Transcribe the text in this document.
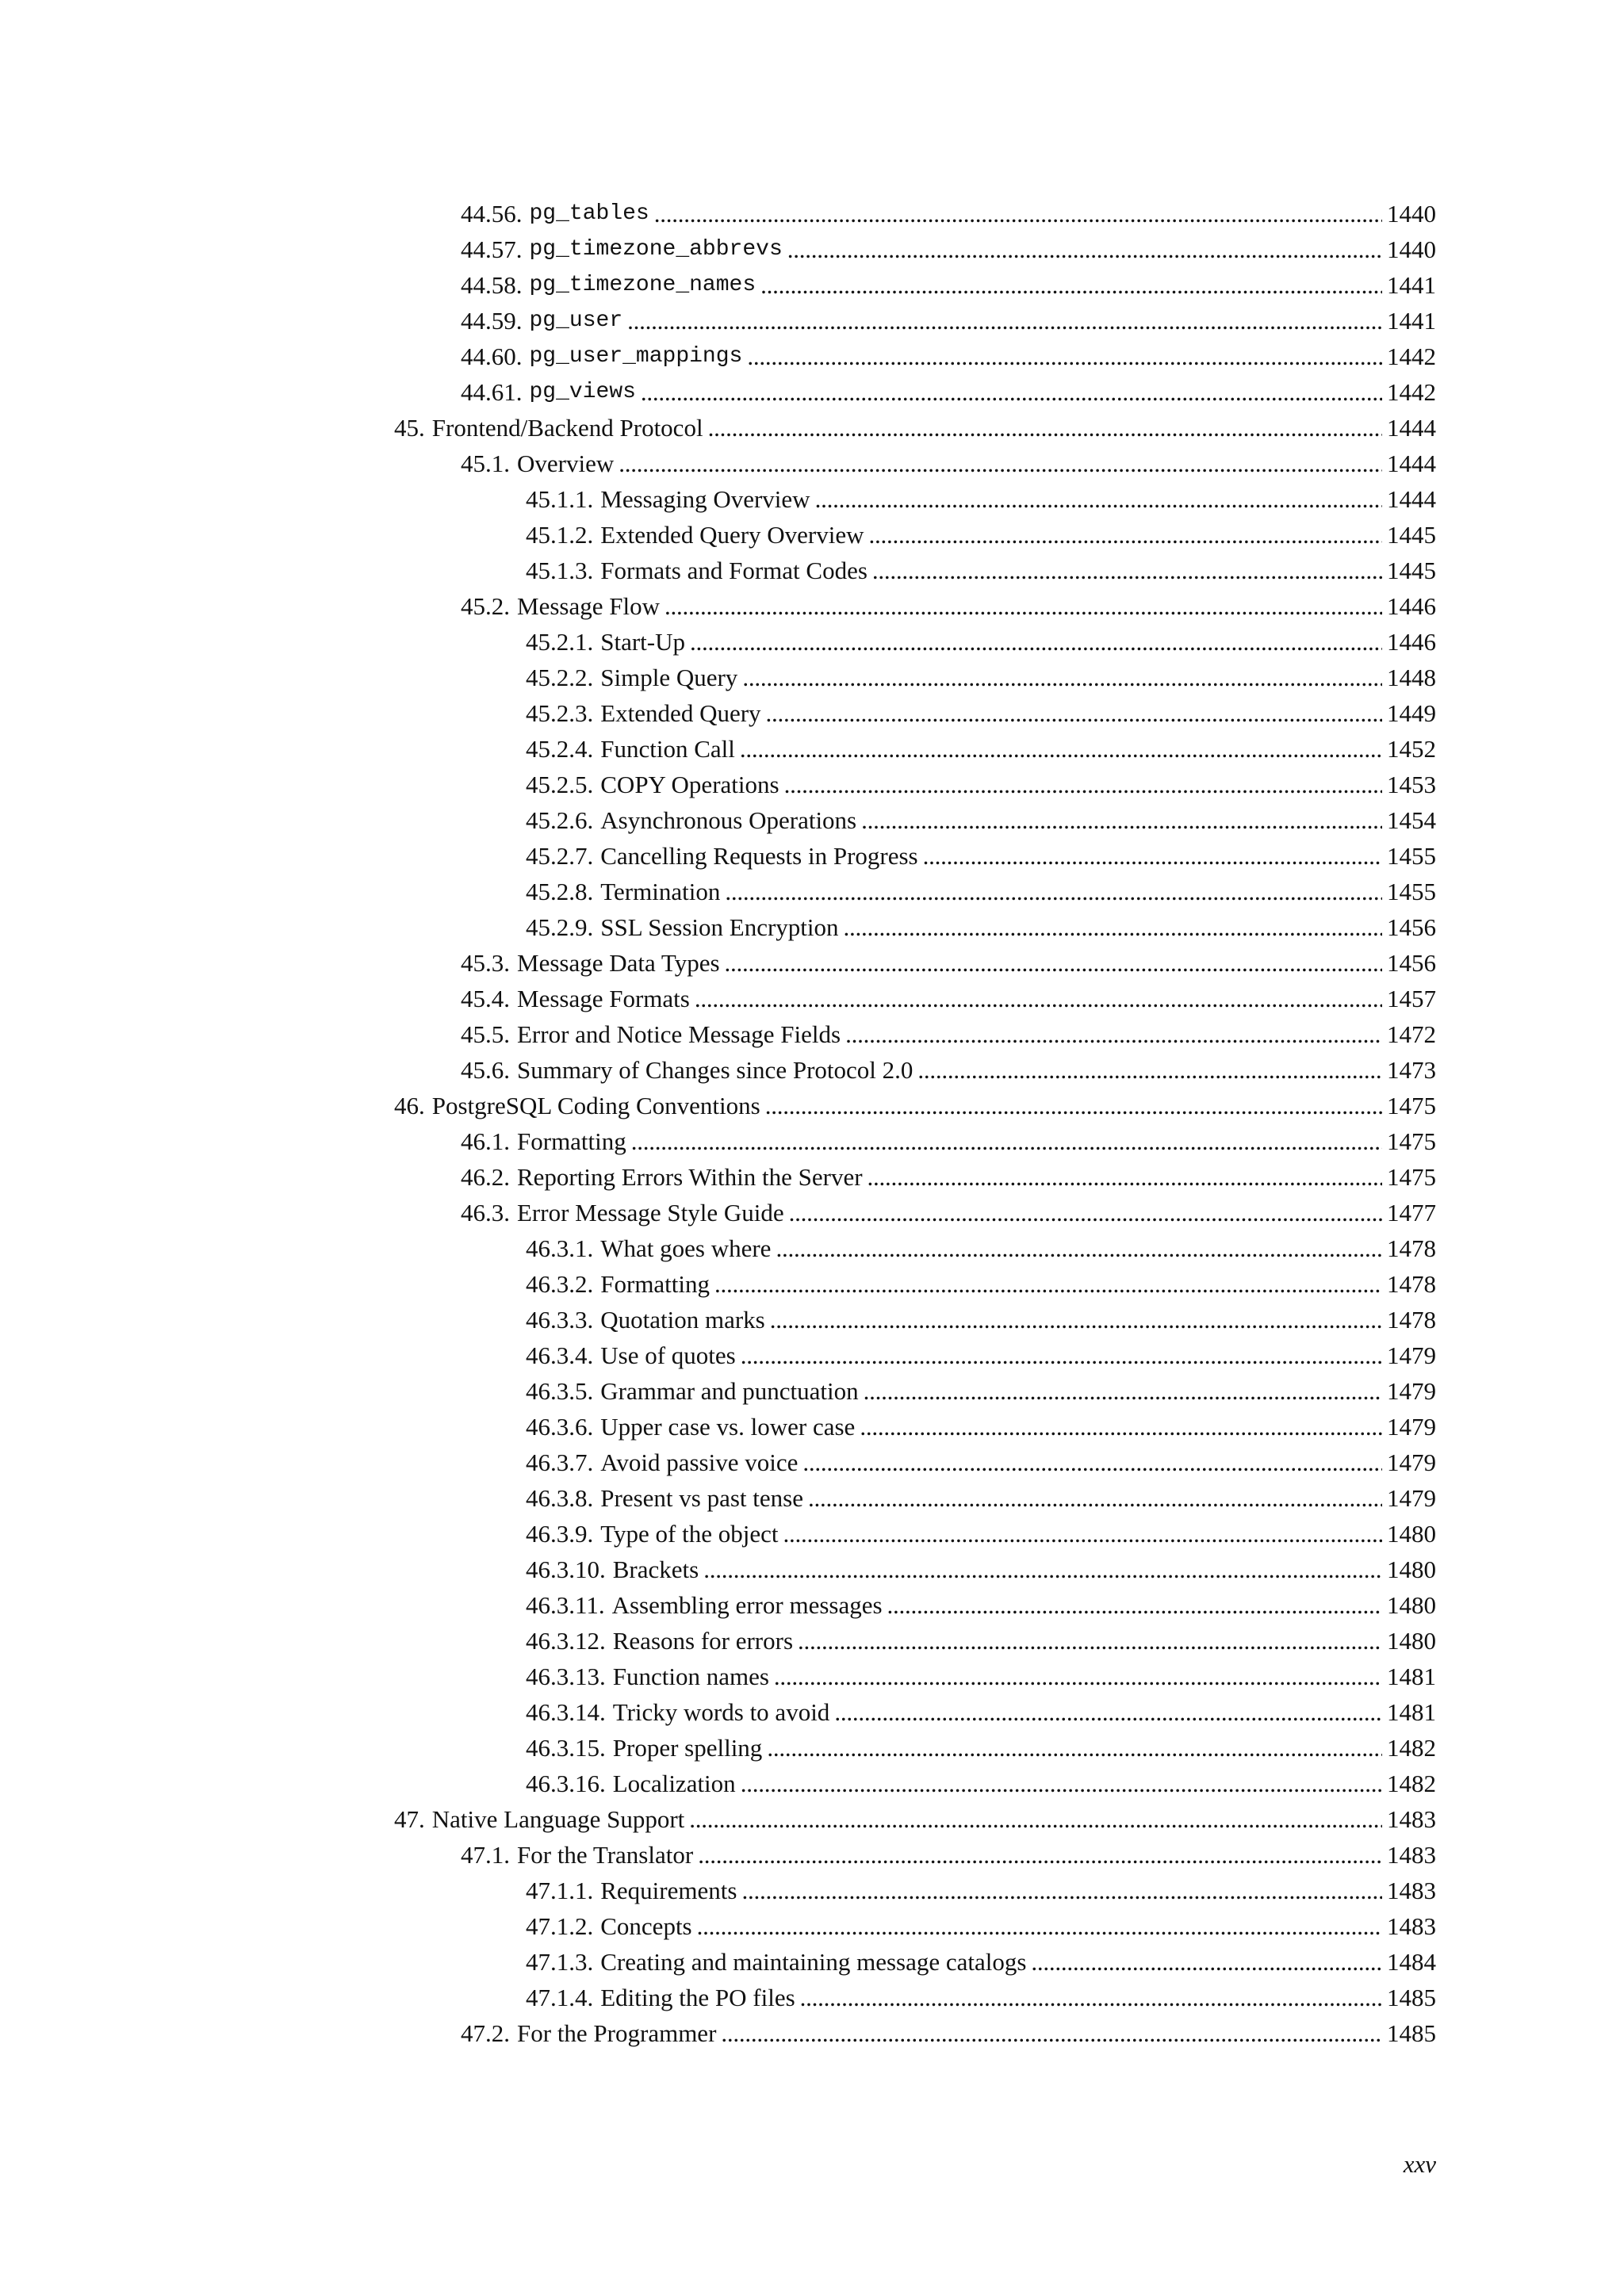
44.56. pg_tables . . .	1440
44.57. pg_timezone_abbrevs . . .	1440
44.58. pg_timezone_names . . .	1441
44.59. pg_user . . .	1441
44.60. pg_user_mappings . . .	1442
44.61. pg_views . . .	1442
45. Frontend/Backend Protocol . . .	1444
45.1. Overview . . .	1444
45.1.1. Messaging Overview . . .	1444
45.1.2. Extended Query Overview . . .	1445
45.1.3. Formats and Format Codes . . .	1445
45.2. Message Flow . . .	1446
45.2.1. Start-Up . . .	1446
45.2.2. Simple Query . . .	1448
45.2.3. Extended Query . . .	1449
45.2.4. Function Call . . .	1452
45.2.5. COPY Operations . . .	1453
45.2.6. Asynchronous Operations . . .	1454
45.2.7. Cancelling Requests in Progress . . .	1455
45.2.8. Termination . . .	1455
45.2.9. SSL Session Encryption . . .	1456
45.3. Message Data Types . . .	1456
45.4. Message Formats . . .	1457
45.5. Error and Notice Message Fields . . .	1472
45.6. Summary of Changes since Protocol 2.0 . . .	1473
46. PostgreSQL Coding Conventions . . .	1475
46.1. Formatting . . .	1475
46.2. Reporting Errors Within the Server . . .	1475
46.3. Error Message Style Guide . . .	1477
46.3.1. What goes where . . .	1478
46.3.2. Formatting . . .	1478
46.3.3. Quotation marks . . .	1478
46.3.4. Use of quotes . . .	1479
46.3.5. Grammar and punctuation . . .	1479
46.3.6. Upper case vs. lower case . . .	1479
46.3.7. Avoid passive voice . . .	1479
46.3.8. Present vs past tense . . .	1479
46.3.9. Type of the object . . .	1480
46.3.10. Brackets . . .	1480
46.3.11. Assembling error messages . . .	1480
46.3.12. Reasons for errors . . .	1480
46.3.13. Function names . . .	1481
46.3.14. Tricky words to avoid . . .	1481
46.3.15. Proper spelling . . .	1482
46.3.16. Localization . . .	1482
47. Native Language Support . . .	1483
47.1. For the Translator . . .	1483
47.1.1. Requirements . . .	1483
47.1.2. Concepts . . .	1483
47.1.3. Creating and maintaining message catalogs . . .	1484
47.1.4. Editing the PO files . . .	1485
47.2. For the Programmer . . .	1485
xxv
